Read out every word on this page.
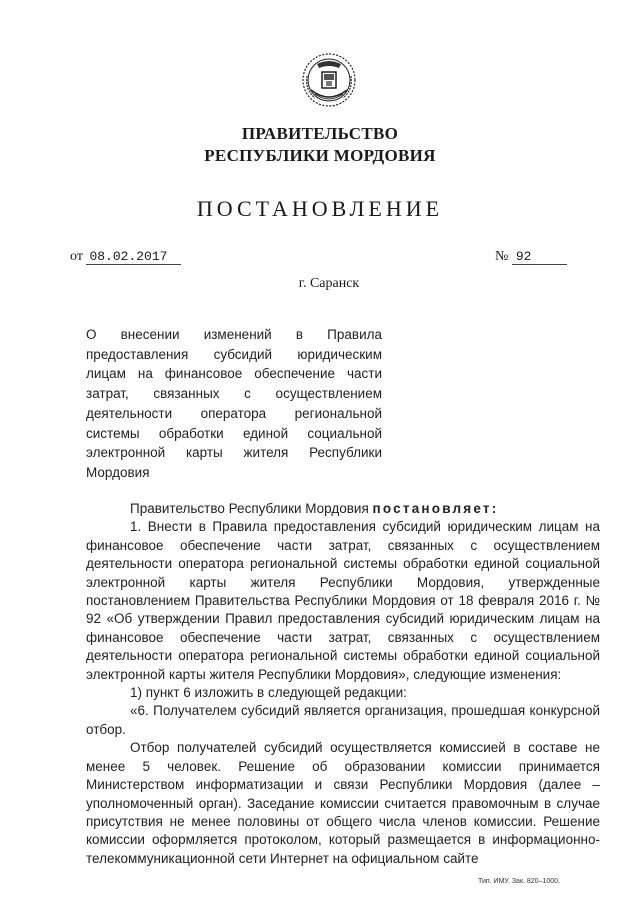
ПРАВИТЕЛЬСТВО
РЕСПУБЛИКИ МОРДОВИЯ
ПОСТАНОВЛЕНИЕ
от 08.02.2017	№ 92
г. Саранск
О внесении изменений в Правила предоставления субсидий юридическим лицам на финансовое обеспечение части затрат, связанных с осуществлением деятельности оператора региональной системы обработки единой социальной электронной карты жителя Республики Мордовия

Правительство Республики Мордовия постановляет:

1. Внести в Правила предоставления субсидий юридическим лицам на финансовое обеспечение части затрат, связанных с осуществлением деятельности оператора региональной системы обработки единой социальной электронной карты жителя Республики Мордовия, утвержденные постановлением Правительства Республики Мордовия от 18 февраля 2016 г. № 92 «Об утверждении Правил предоставления субсидий юридическим лицам на финансовое обеспечение части затрат, связанных с осуществлением деятельности оператора региональной системы обработки единой социальной электронной карты жителя Республики Мордовия», следующие изменения:

1) пункт 6 изложить в следующей редакции:

«6. Получателем субсидий является организация, прошедшая конкурсной отбор.

Отбор получателей субсидий осуществляется комиссией в составе не менее 5 человек. Решение об образовании комиссии принимается Министерством информатизации и связи Республики Мордовия (далее – уполномоченный орган). Заседание комиссии считается правомочным в случае присутствия не менее половины от общего числа членов комиссии. Решение комиссии оформляется протоколом, который размещается в информационно-телекоммуникационной сети Интернет на официальном сайте

Тип. ИМУ. Зак. 820–1000.
